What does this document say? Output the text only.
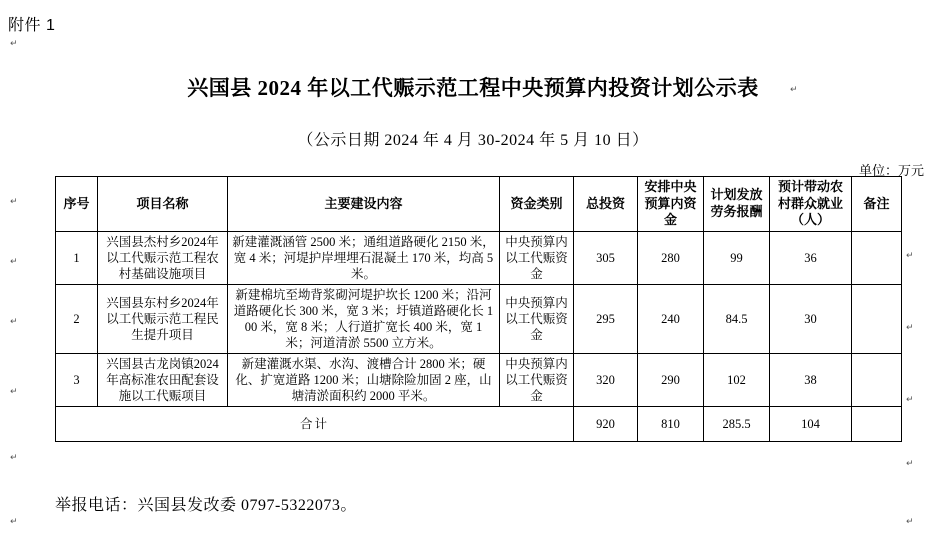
附件 1
兴国县 2024 年以工代赈示范工程中央预算内投资计划公示表
（公示日期 2024 年 4 月 30-2024 年 5 月 10 日）
单位：万元
序号	项目名称	主要建设内容	资金类别	总投资	安排中央预算内资金	计划发放劳务报酬	预计带动农村群众就业（人）	备注
1	兴国县杰村乡2024年以工代赈示范工程农村基础设施项目	新建灌溉涵管 2500 米；通组道路硬化 2150 米，宽 4 米；河堤护岸埋埋石混凝土 170 米，均高 5 米。	中央预算内以工代赈资金	305	280	99	36	
2	兴国县东村乡2024年以工代赈示范工程民生提升项目	新建棉坑至坳背浆砌河堤护坎长 1200 米；沿河道路硬化长 300 米，宽 3 米；圩镇道路硬化长 100 米，宽 8 米；人行道扩宽长 400 米，宽 1 米；河道清淤 5500 立方米。	中央预算内以工代赈资金	295	240	84.5	30	
3	兴国县古龙岗镇2024年高标准农田配套设施以工代赈项目	新建灌溉水渠、水沟、渡槽合计 2800 米；硬化、扩宽道路 1200 米；山塘除险加固 2 座，山塘清淤面积约 2000 平米。	中央预算内以工代赈资金	320	290	102	38	
合计				920	810	285.5	104	
举报电话：兴国县发改委 0797-5322073。
↵
↵
↵
↵
↵
↵
↵
↵
↵
↵
↵
↵
↵
